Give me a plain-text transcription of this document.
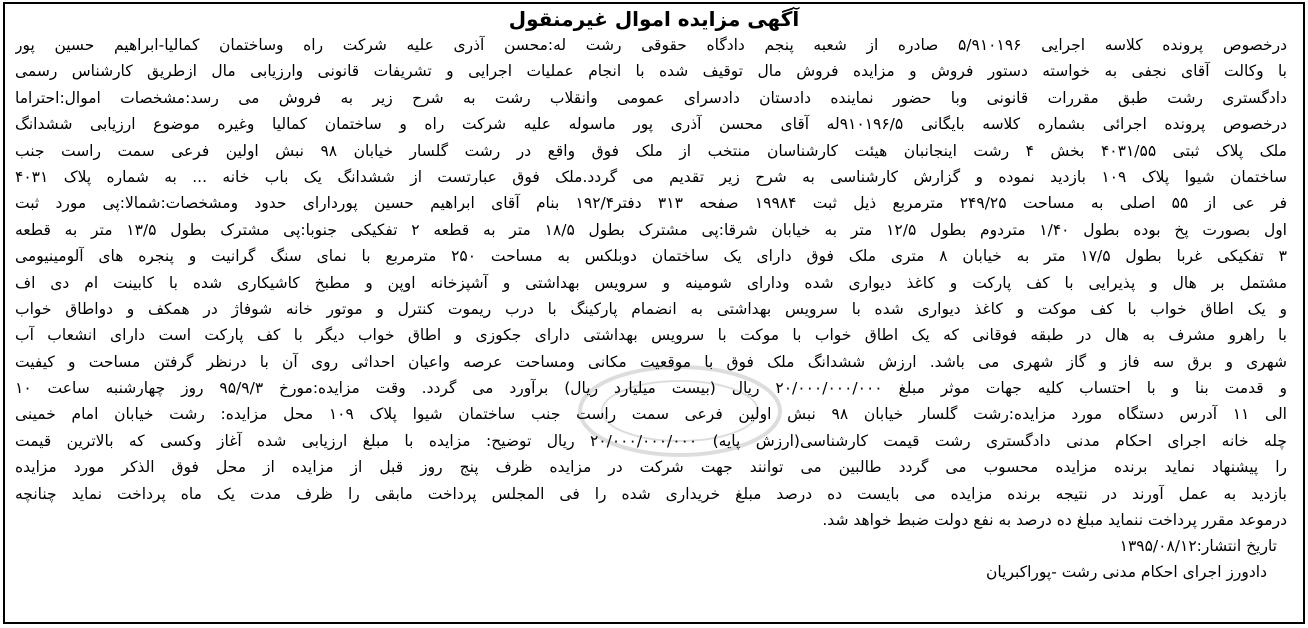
آگهی مزایده اموال غیرمنقول
درخصوص پرونده کلاسه اجرایی ۵/۹۱۰۱۹۶ صادره از شعبه پنجم دادگاه حقوقی رشت له:محسن آذری علیه شرکت راه وساختمان کمالیا-ابراهیم حسین پور
با وکالت آقای نجفی به خواسته دستور فروش و مزایده فروش مال توقیف شده با انجام عملیات اجرایی و تشریفات قانونی وارزیابی مال ازطریق کارشناس رسمی
دادگستری رشت طبق مقررات قانونی وبا حضور نماینده دادستان دادسرای عمومی وانقلاب رشت به شرح زیر به فروش می رسد:مشخصات اموال:احتراما
درخصوص پرونده اجرائی بشماره کلاسه بایگانی ۹۱۰۱۹۶/۵له آقای محسن آذری پور ماسوله علیه شرکت راه و ساختمان کمالیا وغیره موضوع ارزیابی ششدانگ
ملک پلاک ثبتی ۴۰۳۱/۵۵ بخش ۴ رشت اینجانبان هیئت کارشناسان منتخب از ملک فوق واقع در رشت گلسار خیابان ۹۸ نبش اولین فرعی سمت راست جنب
ساختمان شیوا پلاک ۱۰۹ بازدید نموده و گزارش کارشناسی به شرح زیر تقدیم می گردد.ملک فوق عبارتست از ششدانگ یک باب خانه ... به شماره پلاک ۴۰۳۱
فر عی از ۵۵ اصلی به مساحت ۲۴۹/۲۵ مترمربع ذیل ثبت ۱۹۹۸۴ صفحه ۳۱۳ دفتر۱۹۲/۴ بنام آقای ابراهیم حسین پوردارای حدود ومشخصات:شمالا:پی مورد ثبت
اول بصورت پخ بوده بطول ۱/۴۰ متردوم بطول ۱۲/۵ متر به خیابان شرقا:پی مشترک بطول ۱۸/۵ متر به قطعه ۲ تفکیکی جنوبا:پی مشترک بطول ۱۳/۵ متر به قطعه
۳ تفکیکی غربا بطول ۱۷/۵ متر به خیابان ۸ متری ملک فوق دارای یک ساختمان دوبلکس به مساحت ۲۵۰ مترمربع با نمای سنگ گرانیت و پنجره های آلومینیومی
مشتمل بر هال و پذیرایی با کف پارکت و کاغذ دیواری شده ودارای شومینه و سرویس بهداشتی و آشپزخانه اوپن و مطبخ کاشیکاری شده با کابینت ام دی اف
و یک اطاق خواب با کف موکت و کاغذ دیواری شده با سرویس بهداشتی به انضمام پارکینگ با درب ریموت کنترل و موتور خانه شوفاژ در همکف و دواطاق خواب
با راهرو مشرف به هال در طبقه فوقانی که یک اطاق خواب با موکت با سرویس بهداشتی دارای جکوزی و اطاق خواب دیگر با کف پارکت است دارای انشعاب آب
شهری و برق سه فاز و گاز شهری می باشد. ارزش ششدانگ ملک فوق با موقعیت مکانی ومساحت عرصه واعیان احداثی روی آن با درنظر گرفتن مساحت و کیفیت
و قدمت بنا و با احتساب کلیه جهات موثر مبلغ ۲۰/۰۰۰/۰۰۰/۰۰۰ ریال (بیست میلیارد ریال) برآورد می گردد. وقت مزایده:مورخ ۹۵/۹/۳ روز چهارشنبه ساعت ۱۰
الی ۱۱ آدرس دستگاه مورد مزایده:رشت گلسار خیابان ۹۸ نبش اولین فرعی سمت راست جنب ساختمان شیوا پلاک ۱۰۹ محل مزایده: رشت خیابان امام خمینی
چله خانه اجرای احکام مدنی دادگستری رشت قیمت کارشناسی(ارزش پایه) ۲۰/۰۰۰/۰۰۰/۰۰۰ ریال توضیح: مزایده با مبلغ ارزیابی شده آغاز وکسی که بالاترین قیمت
را پیشنهاد نماید برنده مزایده محسوب می گردد طالبین می توانند جهت شرکت در مزایده ظرف پنج روز قبل از مزایده از محل فوق الذکر مورد مزایده
بازدید به عمل آورند در نتیجه برنده مزایده می بایست ده درصد مبلغ خریداری شده را فی المجلس پرداخت مابقی را ظرف مدت یک ماه پرداخت نماید چنانچه
درموعد مقرر پرداخت ننماید مبلغ ده درصد به نفع دولت ضبط خواهد شد.
تاریخ انتشار:۱۳۹۵/۰۸/۱۲
دادورز اجرای احکام مدنی رشت -پوراکبریان
